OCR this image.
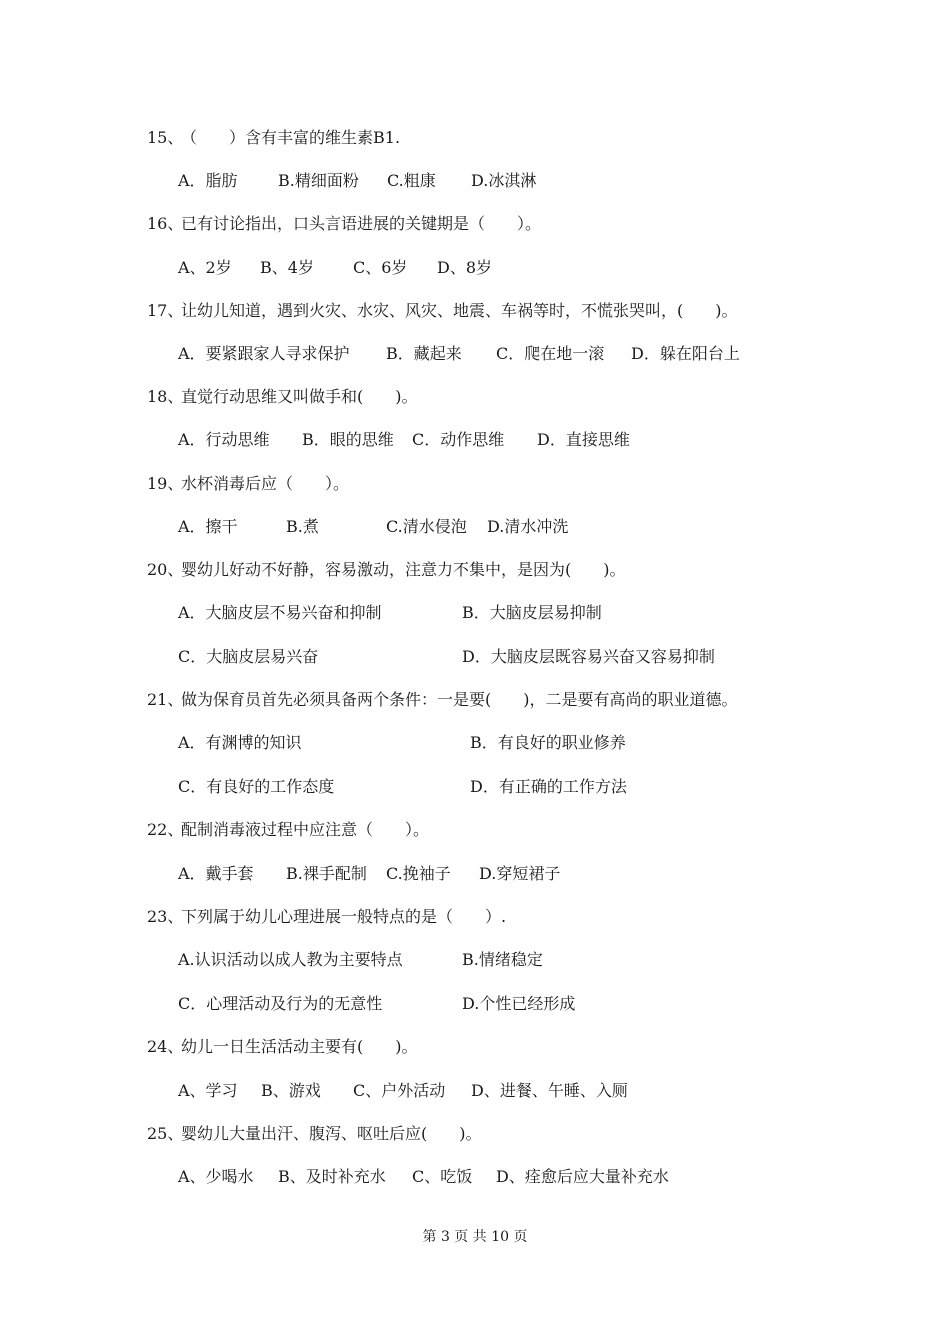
15、
（　　）含有丰富的维生素B1.
A．脂肪	B.精细面粉 C.粗康 D.冰淇淋
16、
已有讨论指出，口头言语进展的关键期是（　　）。
A、2岁 B、4岁 C、6岁 D、8岁
17、
让幼儿知道，遇到火灾、水灾、风灾、地震、车祸等时，不慌张哭叫，(　　)。
A．要紧跟家人寻求保护 B．藏起来 C．爬在地一滚 D．躲在阳台上
18、
直觉行动思维又叫做手和(　　)。
A．行动思维 B．眼的思维 C．动作思维 D．直接思维
19、
水杯消毒后应（　　）。
A．擦干	B.煮	C.清水侵泡 D.清水冲洗
20、
婴幼儿好动不好静，容易激动，注意力不集中，是因为(　　)。
A．大脑皮层不易兴奋和抑制	B．大脑皮层易抑制
C．大脑皮层易兴奋	D．大脑皮层既容易兴奋又容易抑制
21、
做为保育员首先必须具备两个条件：一是要(　　)，二是要有高尚的职业道德。
A．有渊博的知识	B．有良好的职业修养
C．有良好的工作态度	D．有正确的工作方法
22、
配制消毒液过程中应注意（　　）。
A．戴手套 B.裸手配制 C.挽袖子 D.穿短裙子
23、
下列属于幼儿心理进展一般特点的是（　　）.
A.认识活动以成人教为主要特点	B.情绪稳定
C．心理活动及行为的无意性	D.个性已经形成
24、
幼儿一日生活活动主要有(　　)。
A、学习 B、游戏 C、户外活动 D、进餐、午睡、入厕
25、
婴幼儿大量出汗、腹泻、呕吐后应(　　)。
A、少喝水 B、及时补充水 C、吃饭 D、痊愈后应大量补充水
第 3 页 共 10 页
